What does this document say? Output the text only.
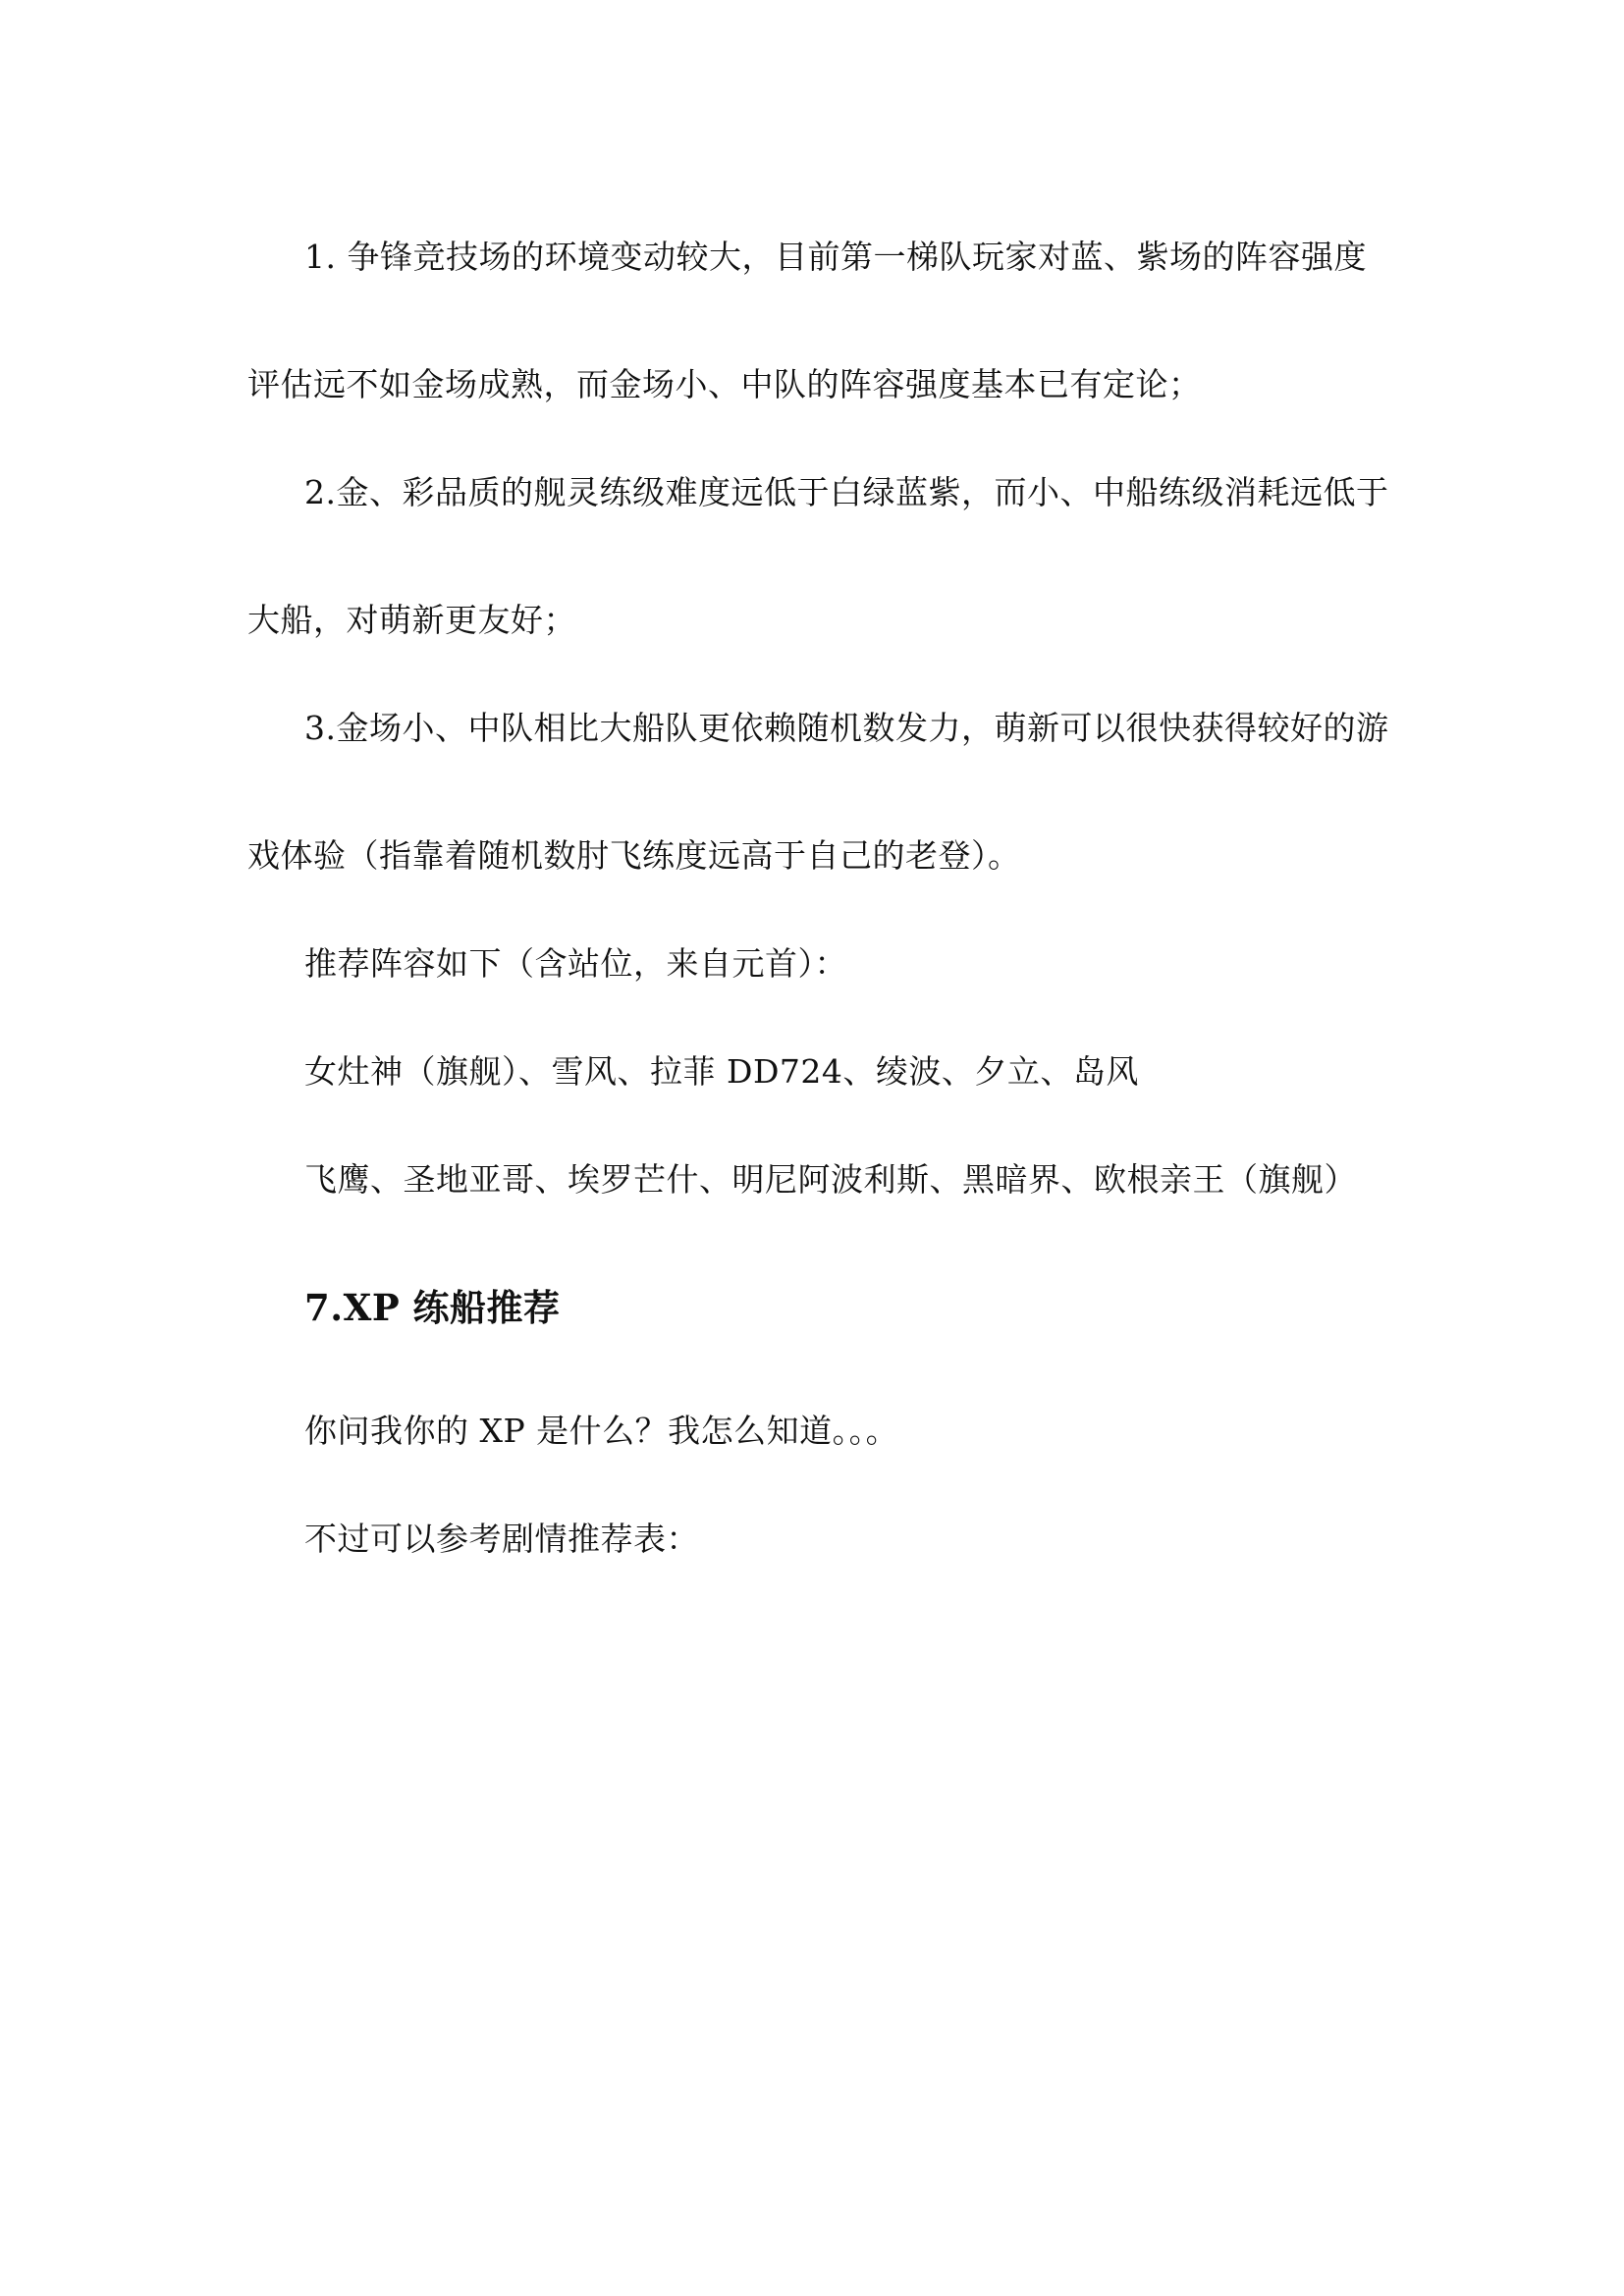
1. 争锋竞技场的环境变动较大，目前第一梯队玩家对蓝、紫场的阵容强度
评估远不如金场成熟，而金场小、中队的阵容强度基本已有定论；
2.金、彩品质的舰灵练级难度远低于白绿蓝紫，而小、中船练级消耗远低于
大船，对萌新更友好；
3.金场小、中队相比大船队更依赖随机数发力，萌新可以很快获得较好的游
戏体验（指靠着随机数肘飞练度远高于自己的老登）。
推荐阵容如下（含站位，来自元首）：
女灶神（旗舰）、雪风、拉菲 DD724、绫波、夕立、岛风
飞鹰、圣地亚哥、埃罗芒什、明尼阿波利斯、黑暗界、欧根亲王（旗舰）
7.XP 练船推荐
你问我你的 XP 是什么？我怎么知道。。。
不过可以参考剧情推荐表：
